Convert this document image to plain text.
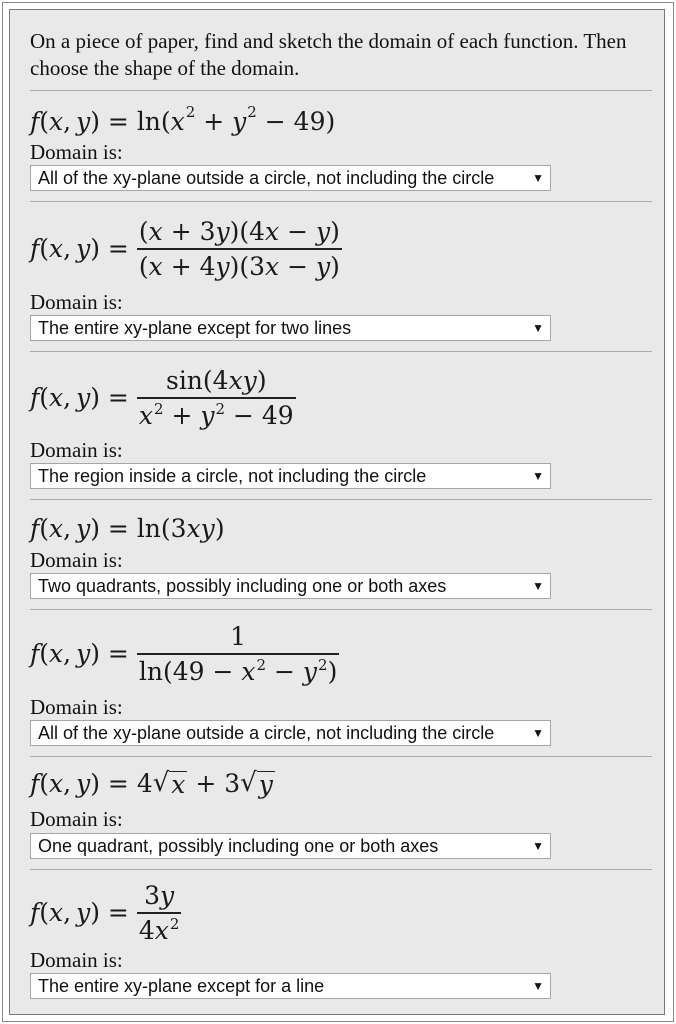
On a piece of paper, find and sketch the domain of each function. Then choose the shape of the domain.
f ( x ,  y ) = ln( x 2 + y 2 − 49)
Domain is:
All of the xy-plane outside a circle, not including the circle	▼
f ( x ,  y ) = $\frac{(x + 3y)(4x - y)}{(x + 4y)(3x - y)}$
Domain is:
The entire xy-plane except for two lines	▼
f ( x ,  y ) = $\frac{\sin(4xy)}{x^2 + y^2 - 49}$
Domain is:
The region inside a circle, not including the circle	▼
f ( x ,  y ) = ln(3 xy )
Domain is:
Two quadrants, possibly including one or both axes	▼
f ( x ,  y ) = $\frac{1}{\ln(49 - x^2 - y^2)}$
Domain is:
All of the xy-plane outside a circle, not including the circle	▼
f ( x ,  y ) = 4 √ x + 3 √ y
Domain is:
One quadrant, possibly including one or both axes	▼
f ( x ,  y ) = $\frac{3y}{4x^2}$
Domain is:
The entire xy-plane except for a line	▼
